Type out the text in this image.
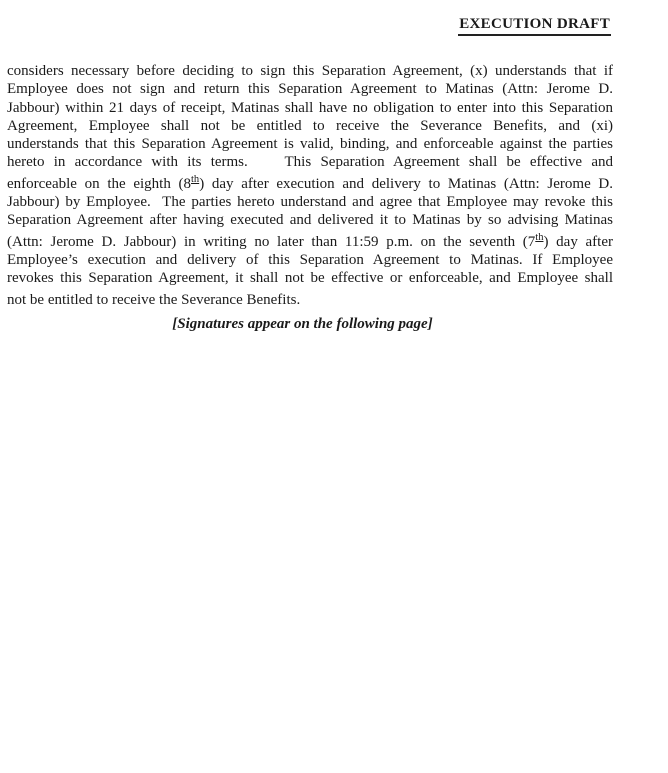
EXECUTION DRAFT
considers necessary before deciding to sign this Separation Agreement, (x) understands that if
Employee does not sign and return this Separation Agreement to Matinas (Attn: Jerome D.
Jabbour) within 21 days of receipt, Matinas shall have no obligation to enter into this Separation
Agreement, Employee shall not be entitled to receive the Severance Benefits, and (xi)
understands that this Separation Agreement is valid, binding, and enforceable against the parties
hereto in accordance with its terms.    This Separation Agreement shall be effective and
enforceable on the eighth (8th) day after execution and delivery to Matinas (Attn: Jerome D.
Jabbour) by Employee.  The parties hereto understand and agree that Employee may revoke this
Separation Agreement after having executed and delivered it to Matinas by so advising Matinas
(Attn: Jerome D. Jabbour) in writing no later than 11:59 p.m. on the seventh (7th) day after
Employee’s execution and delivery of this Separation Agreement to Matinas. If Employee
revokes this Separation Agreement, it shall not be effective or enforceable, and Employee shall
not be entitled to receive the Severance Benefits.
[Signatures appear on the following page]
